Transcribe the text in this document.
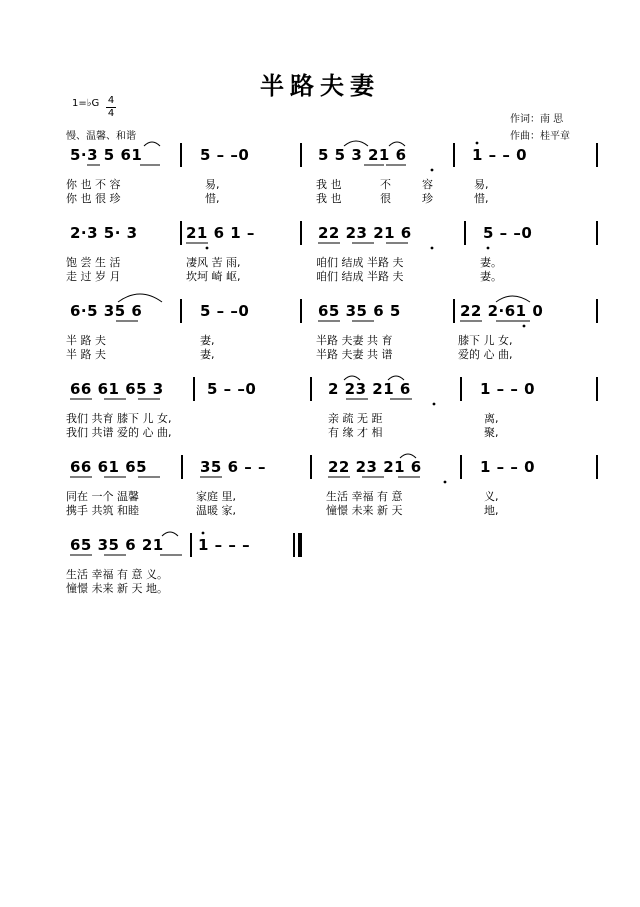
半路夫妻
1=♭G 4
4
慢、温馨、和谐
作词：南 思
作曲：桂平章
5·3 5 61	5 – –0	5 5 3 21 6	1 – – 0
你 也 不 容	易,	我 也	不	容	易,
你 也 很 珍	惜,	我 也	很	珍	惜,
2·3 5· 3	21 6 1 –	22 23 21 6	5 – –0
饱 尝 生 活	凄风 苦 雨,	咱们 结成 半路 夫	妻。
走 过 岁 月	坎坷 崎 岖,	咱们 结成 半路 夫	妻。
6·5 35 6	5 – –0	65 35 6 5	22 2·61 0
半 路 夫	妻,	半路 夫妻 共 育	膝下 儿 女,
半 路 夫	妻,	半路 夫妻 共 谱	爱的 心 曲,
66 61 65 3	5 – –0	2 23 21 6	1 – – 0
我们 共育 膝下 儿 女,	亲 疏 无 距	离,
我们 共谱 爱的 心 曲,	有 缘 才 相	聚,
66 61 65	35 6 – –	22 23 21 6	1 – – 0
同在 一个 温馨	家庭 里,	生活 幸福 有 意	义,
携手 共筑 和睦	温暖 家,	憧憬 未来 新 天	地,
65 35 6 21 1 – – –
生活 幸福 有 意 义。
憧憬 未来 新 天 地。
